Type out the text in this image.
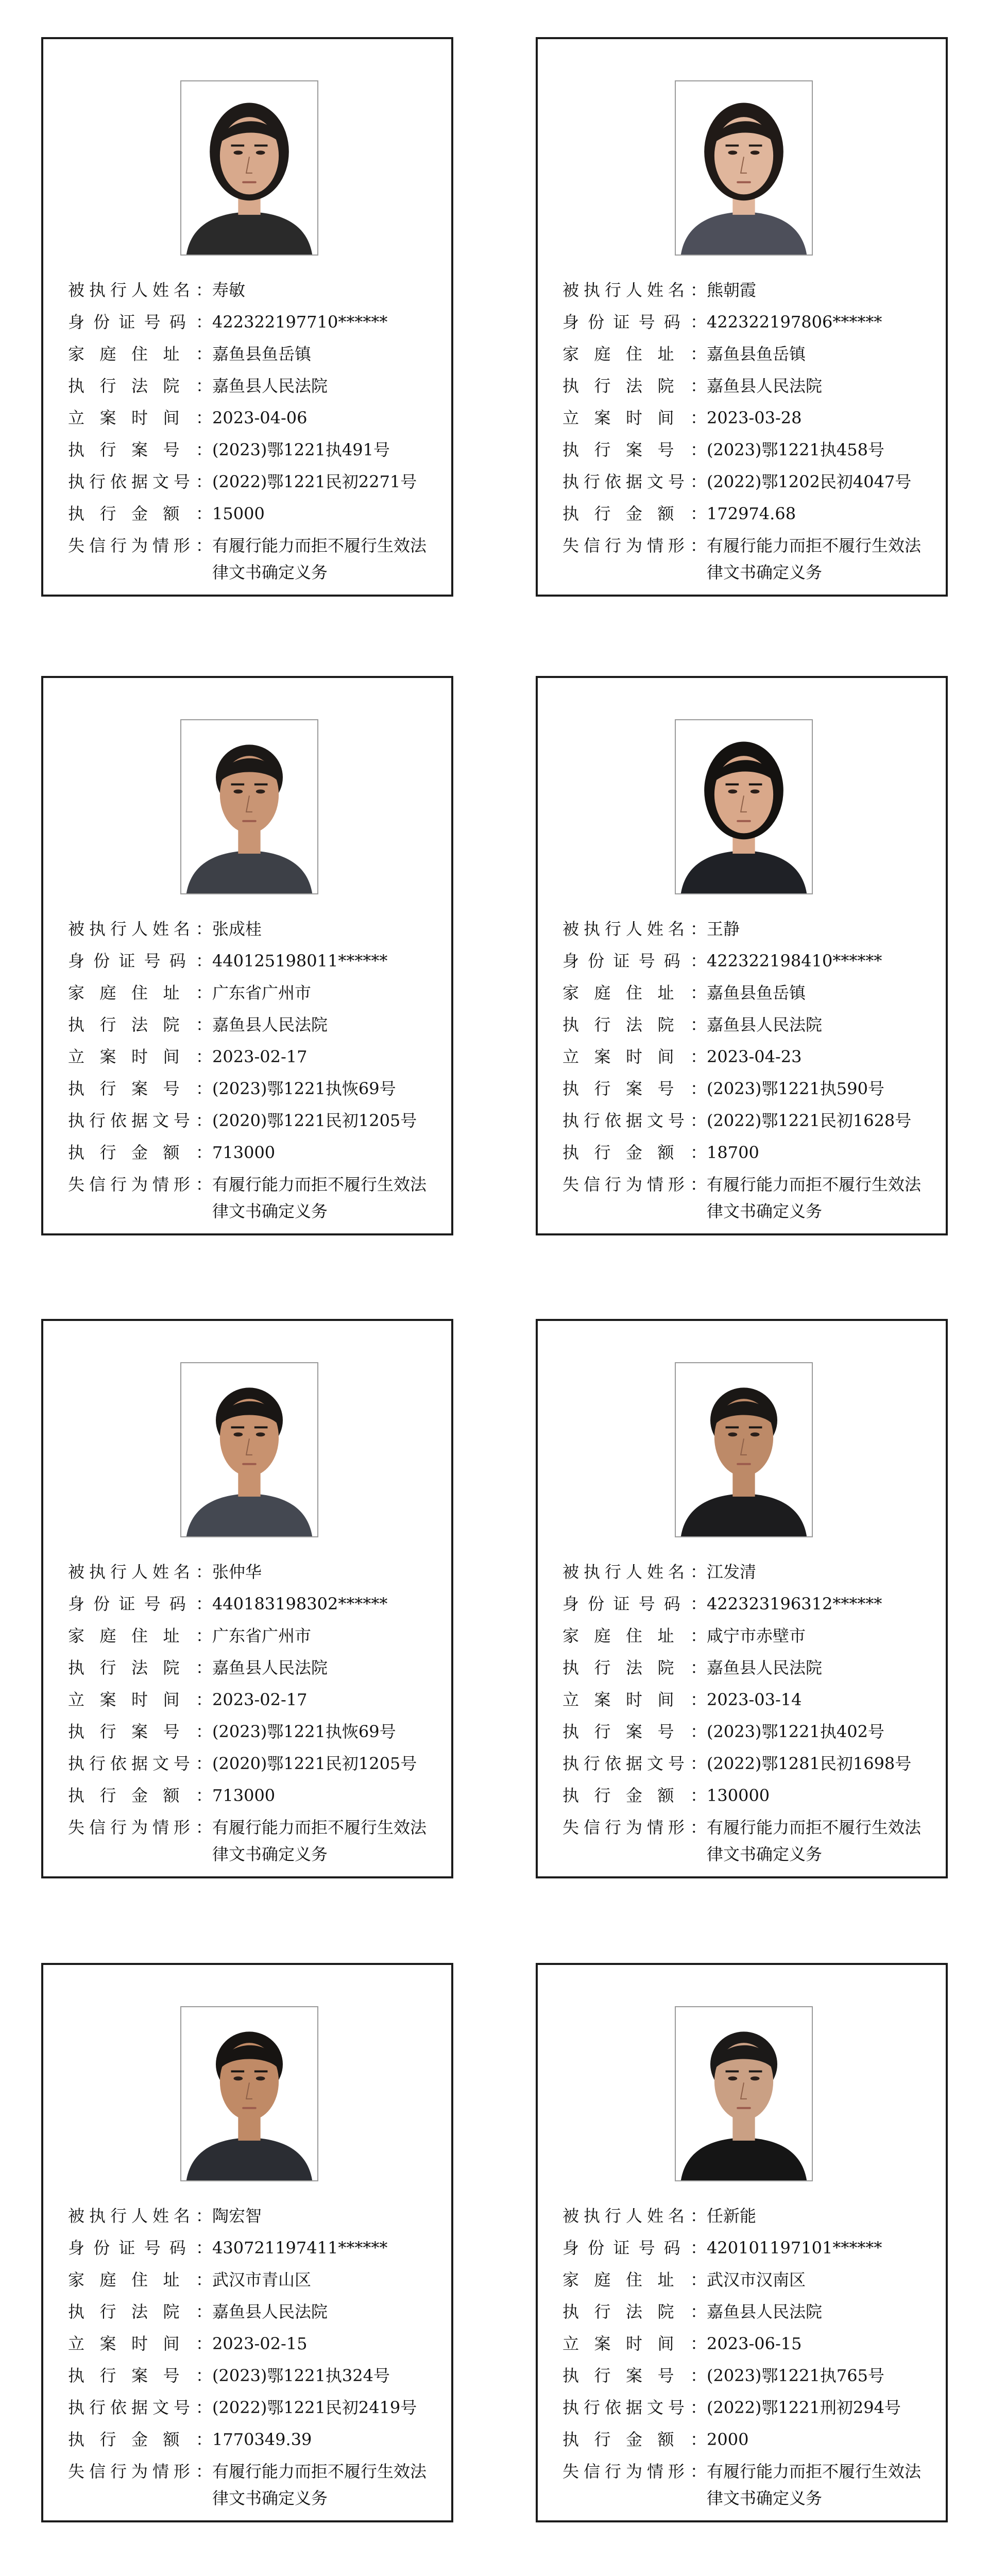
被 执 行 人 姓 名 ： 寿敏
身 份 证 号 码 ： 422322197710******
家 庭 住 址 ： 嘉鱼县鱼岳镇
执 行 法 院 ： 嘉鱼县人民法院
立 案 时 间 ： 2023-04-06
执 行 案 号 ： (2023)鄂1221执491号
执 行 依 据 文 号 ： (2022)鄂1221民初2271号
执 行 金 额 ： 15000
失 信 行 为 情 形 ： 有履行能力而拒不履行生效法律文书确定义务
被 执 行 人 姓 名 ： 熊朝霞
身 份 证 号 码 ： 422322197806******
家 庭 住 址 ： 嘉鱼县鱼岳镇
执 行 法 院 ： 嘉鱼县人民法院
立 案 时 间 ： 2023-03-28
执 行 案 号 ： (2023)鄂1221执458号
执 行 依 据 文 号 ： (2022)鄂1202民初4047号
执 行 金 额 ： 172974.68
失 信 行 为 情 形 ： 有履行能力而拒不履行生效法律文书确定义务
被 执 行 人 姓 名 ： 张成桂
身 份 证 号 码 ： 440125198011******
家 庭 住 址 ： 广东省广州市
执 行 法 院 ： 嘉鱼县人民法院
立 案 时 间 ： 2023-02-17
执 行 案 号 ： (2023)鄂1221执恢69号
执 行 依 据 文 号 ： (2020)鄂1221民初1205号
执 行 金 额 ： 713000
失 信 行 为 情 形 ： 有履行能力而拒不履行生效法律文书确定义务
被 执 行 人 姓 名 ： 王静
身 份 证 号 码 ： 422322198410******
家 庭 住 址 ： 嘉鱼县鱼岳镇
执 行 法 院 ： 嘉鱼县人民法院
立 案 时 间 ： 2023-04-23
执 行 案 号 ： (2023)鄂1221执590号
执 行 依 据 文 号 ： (2022)鄂1221民初1628号
执 行 金 额 ： 18700
失 信 行 为 情 形 ： 有履行能力而拒不履行生效法律文书确定义务
被 执 行 人 姓 名 ： 张仲华
身 份 证 号 码 ： 440183198302******
家 庭 住 址 ： 广东省广州市
执 行 法 院 ： 嘉鱼县人民法院
立 案 时 间 ： 2023-02-17
执 行 案 号 ： (2023)鄂1221执恢69号
执 行 依 据 文 号 ： (2020)鄂1221民初1205号
执 行 金 额 ： 713000
失 信 行 为 情 形 ： 有履行能力而拒不履行生效法律文书确定义务
被 执 行 人 姓 名 ： 江发清
身 份 证 号 码 ： 422323196312******
家 庭 住 址 ： 咸宁市赤壁市
执 行 法 院 ： 嘉鱼县人民法院
立 案 时 间 ： 2023-03-14
执 行 案 号 ： (2023)鄂1221执402号
执 行 依 据 文 号 ： (2022)鄂1281民初1698号
执 行 金 额 ： 130000
失 信 行 为 情 形 ： 有履行能力而拒不履行生效法律文书确定义务
被 执 行 人 姓 名 ： 陶宏智
身 份 证 号 码 ： 430721197411******
家 庭 住 址 ： 武汉市青山区
执 行 法 院 ： 嘉鱼县人民法院
立 案 时 间 ： 2023-02-15
执 行 案 号 ： (2023)鄂1221执324号
执 行 依 据 文 号 ： (2022)鄂1221民初2419号
执 行 金 额 ： 1770349.39
失 信 行 为 情 形 ： 有履行能力而拒不履行生效法律文书确定义务
被 执 行 人 姓 名 ： 任新能
身 份 证 号 码 ： 420101197101******
家 庭 住 址 ： 武汉市汉南区
执 行 法 院 ： 嘉鱼县人民法院
立 案 时 间 ： 2023-06-15
执 行 案 号 ： (2023)鄂1221执765号
执 行 依 据 文 号 ： (2022)鄂1221刑初294号
执 行 金 额 ： 2000
失 信 行 为 情 形 ： 有履行能力而拒不履行生效法律文书确定义务
